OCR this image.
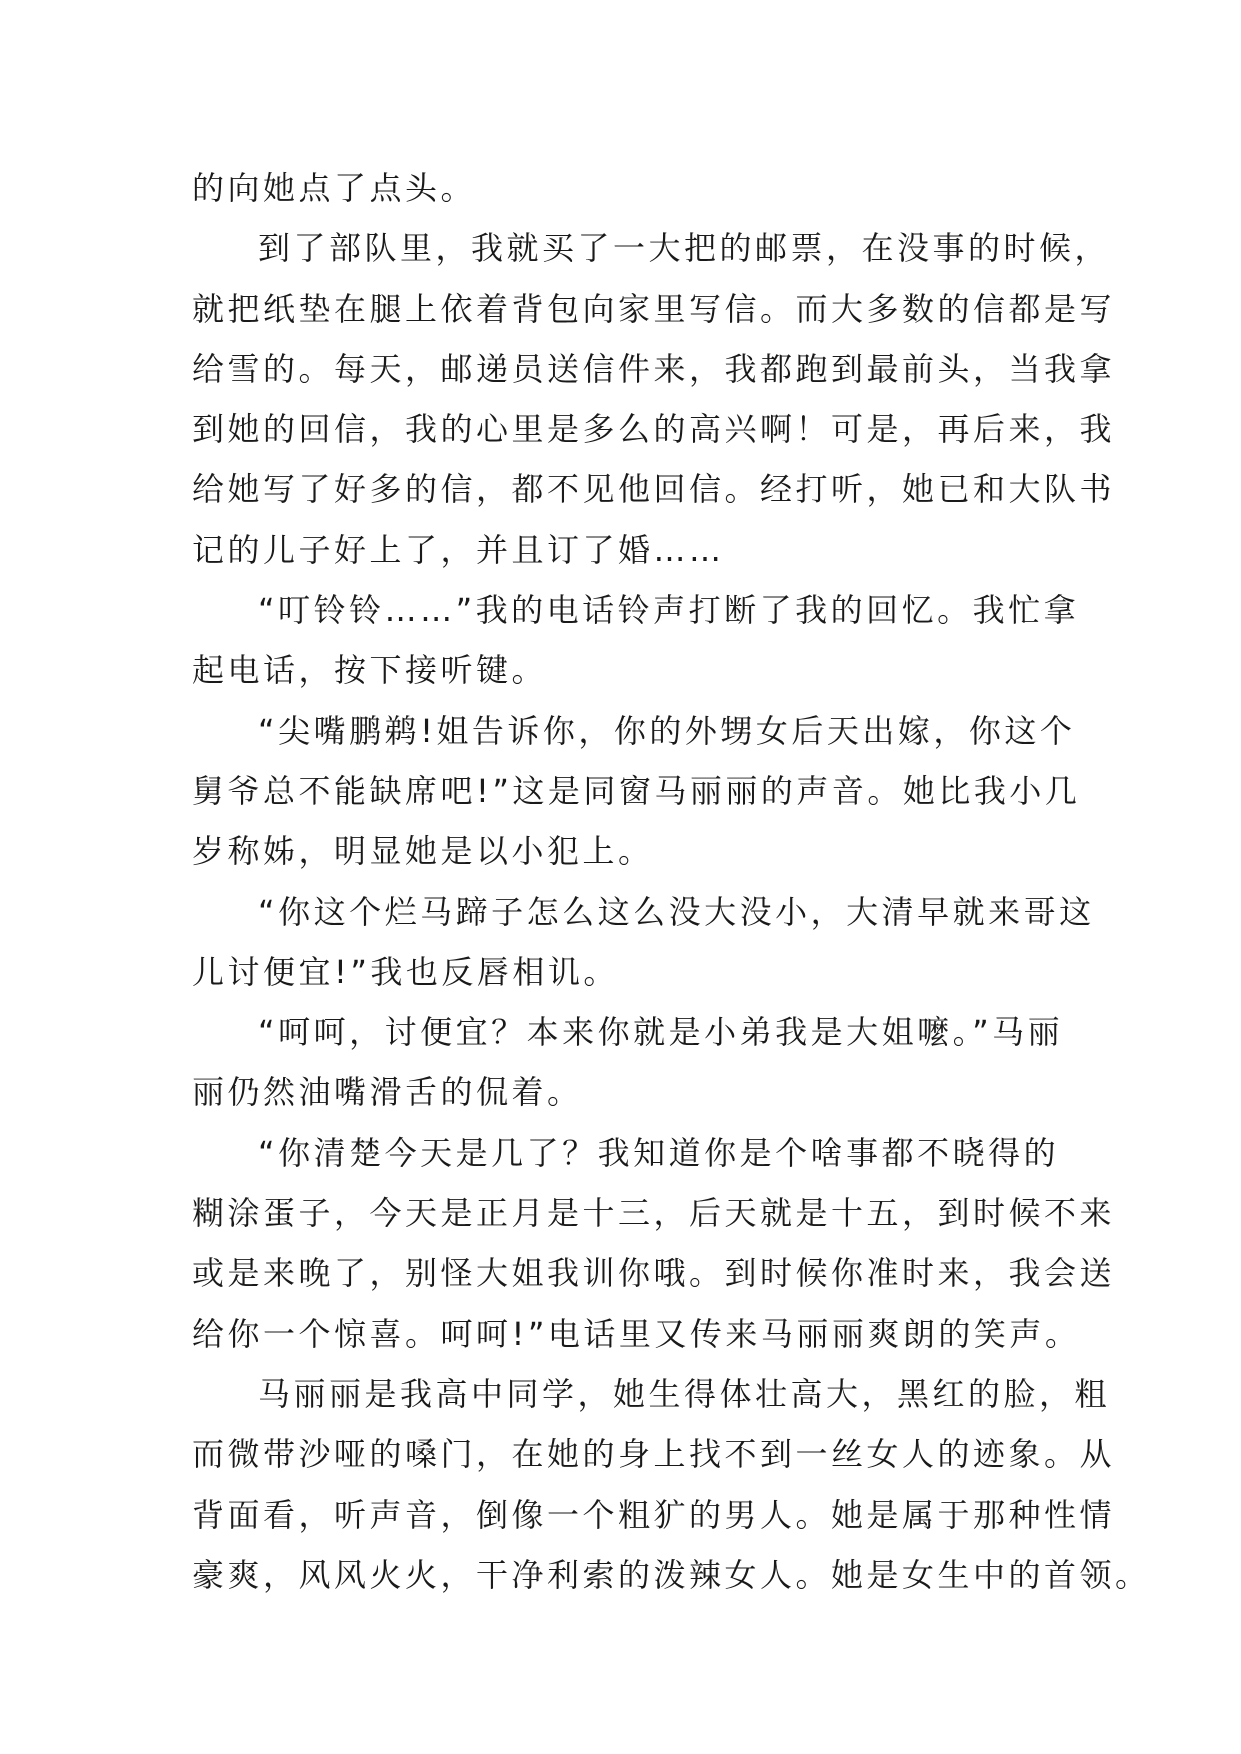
的向她点了点头。
到了部队里，我就买了一大把的邮票，在没事的时候，
就把纸垫在腿上依着背包向家里写信。而大多数的信都是写
给雪的。每天，邮递员送信件来，我都跑到最前头，当我拿
到她的回信，我的心里是多么的高兴啊！可是，再后来，我
给她写了好多的信，都不见他回信。经打听，她已和大队书
记的儿子好上了，并且订了婚……
“叮铃铃……”我的电话铃声打断了我的回忆。我忙拿
起电话，按下接听键。
“尖嘴鹏鹈!姐告诉你，你的外甥女后天出嫁，你这个
舅爷总不能缺席吧!”这是同窗马丽丽的声音。她比我小几
岁称姊，明显她是以小犯上。
“你这个烂马蹄子怎么这么没大没小，大清早就来哥这
儿讨便宜!”我也反唇相讥。
“呵呵，讨便宜？本来你就是小弟我是大姐嚒。”马丽
丽仍然油嘴滑舌的侃着。
“你清楚今天是几了？我知道你是个啥事都不晓得的
糊涂蛋子，今天是正月是十三，后天就是十五，到时候不来
或是来晚了，别怪大姐我训你哦。到时候你准时来，我会送
给你一个惊喜。呵呵!”电话里又传来马丽丽爽朗的笑声。
马丽丽是我高中同学，她生得体壮高大，黑红的脸，粗
而微带沙哑的嗓门，在她的身上找不到一丝女人的迹象。从
背面看，听声音，倒像一个粗犷的男人。她是属于那种性情
豪爽，风风火火，干净利索的泼辣女人。她是女生中的首领。
